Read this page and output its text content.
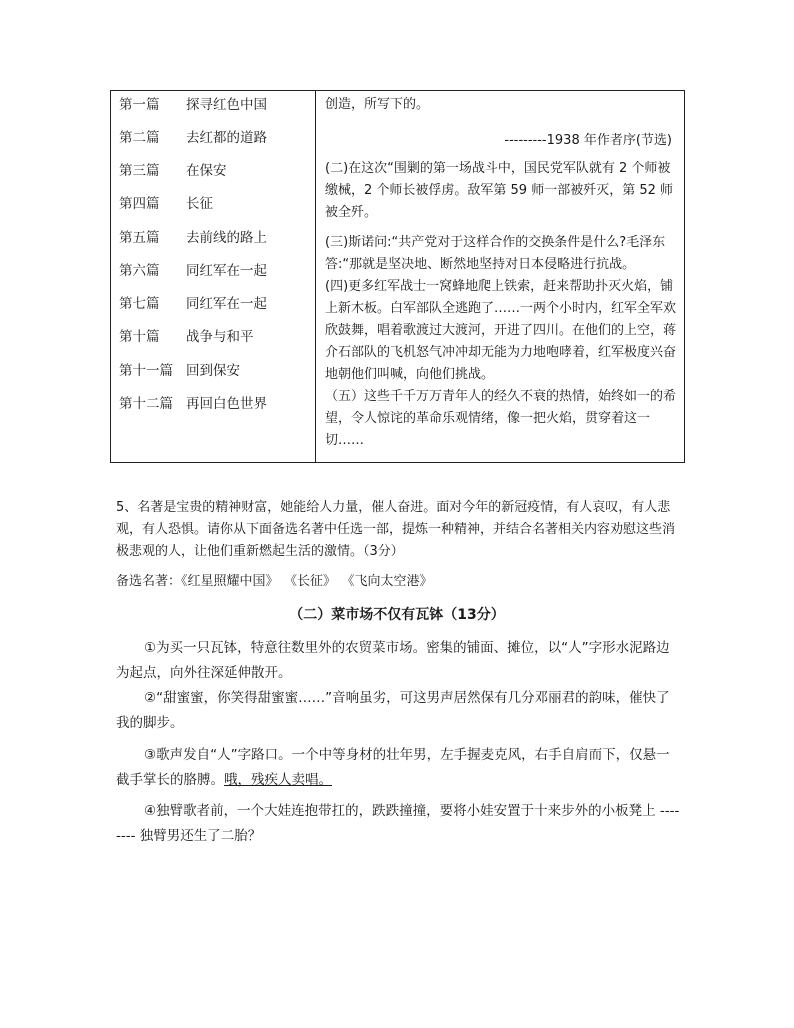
第一篇 探寻红色中国
第二篇 去红都的道路
第三篇 在保安
第四篇 长征
第五篇 去前线的路上
第六篇 同红军在一起
第七篇 同红军在一起
第十篇 战争与和平
第十一篇 回到保安
第十二篇 再回白色世界
创造，所写下的。
---------1938 年作者序(节选)
(二)在这次“围剿的第一场战斗中，国民党军队就有 2 个师被缴械，2 个师长被俘虏。敌军第 59 师一部被歼灭，第 52 师被全歼。
(三)斯诺问:“共产党对于这样合作的交换条件是什么?毛泽东答:“那就是坚决地、断然地坚持对日本侵略进行抗战。
(四)更多红军战士一窝蜂地爬上铁索，赶来帮助扑灭火焰，铺上新木板。白军部队全逃跑了……一两个小时内，红军全军欢欣鼓舞，唱着歌渡过大渡河，开进了四川。在他们的上空，蒋介石部队的飞机怒气冲冲却无能为力地咆哮着，红军极度兴奋地朝他们叫喊，向他们挑战。
（五）这些千千万万青年人的经久不衰的热情，始终如一的希望，令人惊诧的革命乐观情绪，像一把火焰，贯穿着这一切……

5、名著是宝贵的精神财富，她能给人力量，催人奋进。面对今年的新冠疫情，有人哀叹，有人悲观，有人恐惧。请你从下面备选名著中任选一部，提炼一种精神，并结合名著相关内容劝慰这些消极悲观的人，让他们重新燃起生活的激情。（3分）

备选名著：《红星照耀中国》 《长征》 《飞向太空港》

（二）菜市场不仅有瓦钵（13分）

①为买一只瓦钵，特意往数里外的农贸菜市场。密集的铺面、摊位，以“人”字形水泥路边为起点，向外往深延伸散开。

②“甜蜜蜜，你笑得甜蜜蜜……”音响虽劣，可这男声居然保有几分邓丽君的韵味，催快了我的脚步。

③歌声发自“人”字路口。一个中等身材的壮年男，左手握麦克风，右手自肩而下，仅悬一截手掌长的胳膊。哦，残疾人卖唱。

④独臂歌者前，一个大娃连抱带扛的，跌跌撞撞，要将小娃安置于十来步外的小板凳上 -------- 独臂男还生了二胎？
